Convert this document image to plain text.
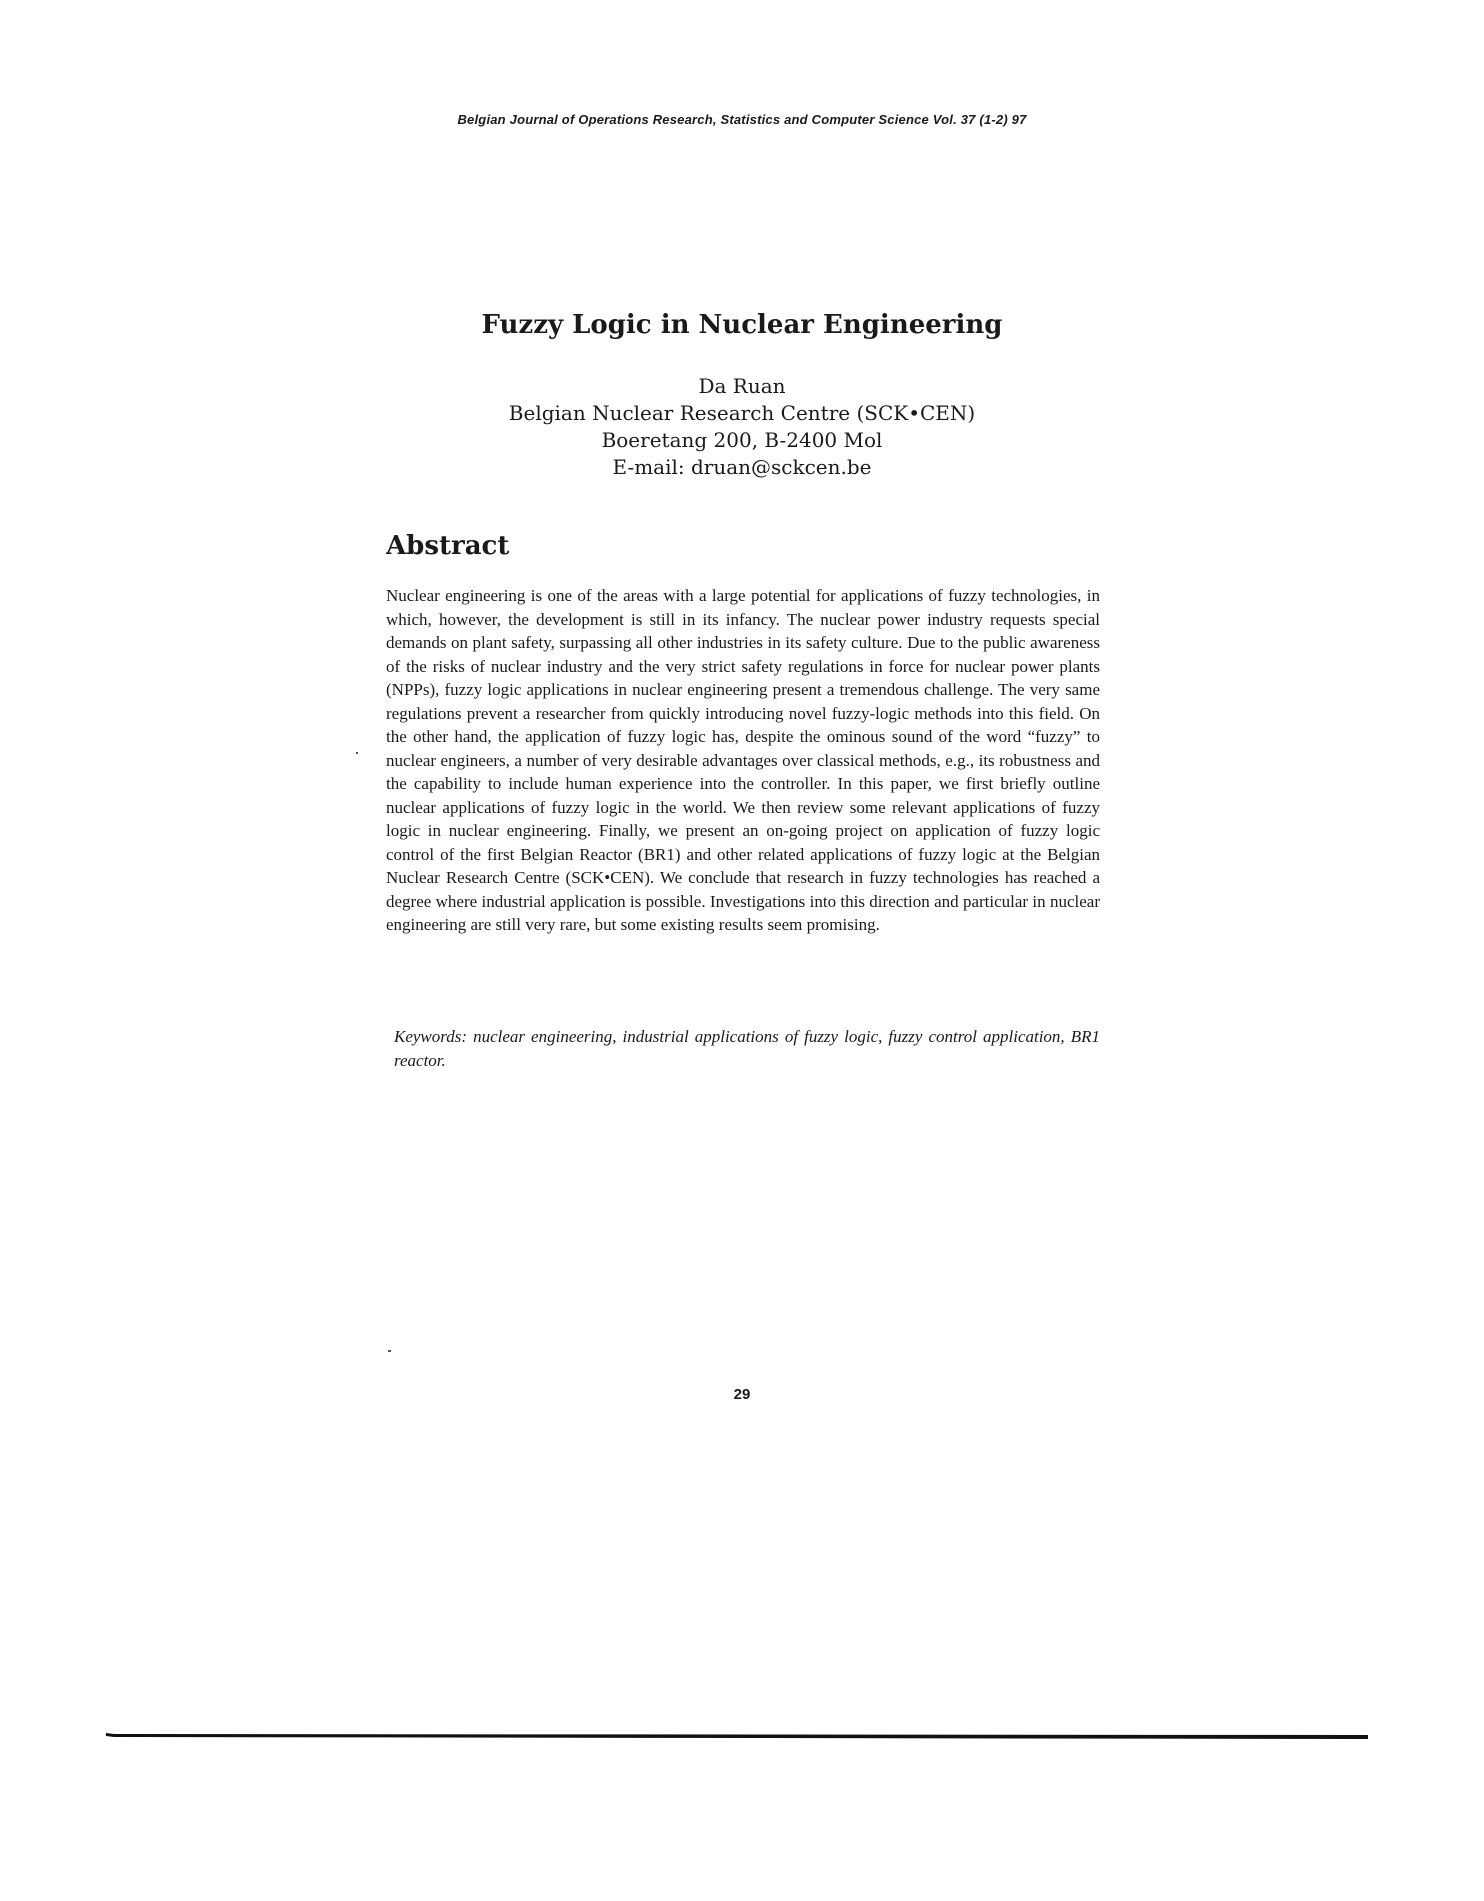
Belgian Journal of Operations Research, Statistics and Computer Science Vol. 37 (1-2) 97
Fuzzy Logic in Nuclear Engineering
Da Ruan
Belgian Nuclear Research Centre (SCK•CEN)
Boeretang 200, B-2400 Mol
E-mail: druan@sckcen.be
Abstract
Nuclear engineering is one of the areas with a large potential for applications of fuzzy technologies, in which, however, the development is still in its infancy. The nuclear power industry requests special demands on plant safety, surpassing all other industries in its safety culture. Due to the public awareness of the risks of nuclear industry and the very strict safety regulations in force for nuclear power plants (NPPs), fuzzy logic applications in nuclear engineering present a tremendous challenge. The very same regulations prevent a researcher from quickly introducing novel fuzzy-logic methods into this field. On the other hand, the application of fuzzy logic has, despite the ominous sound of the word “fuzzy” to nuclear engineers, a number of very desirable advantages over classical methods, e.g., its robustness and the capability to include human experience into the controller. In this paper, we first briefly outline nuclear applications of fuzzy logic in the world. We then review some relevant applications of fuzzy logic in nuclear engineering. Finally, we present an on-going project on application of fuzzy logic control of the first Belgian Reactor (BR1) and other related applications of fuzzy logic at the Belgian Nuclear Research Centre (SCK•CEN). We conclude that research in fuzzy technologies has reached a degree where industrial application is possible. Investigations into this direction and particular in nuclear engineering are still very rare, but some existing results seem promising.
Keywords: nuclear engineering, industrial applications of fuzzy logic, fuzzy control application, BR1 reactor.
29
